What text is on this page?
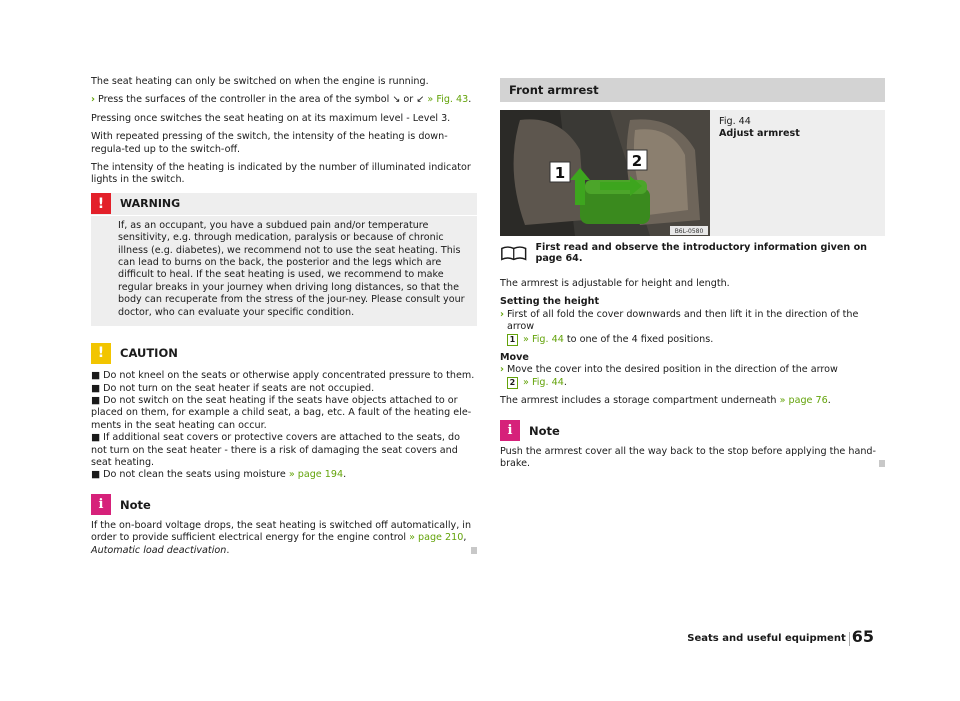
The seat heating can only be switched on when the engine is running.

› Press the surfaces of the controller in the area of the symbol ↘ or ↙ » Fig. 43.

Pressing once switches the seat heating on at its maximum level - Level 3.

With repeated pressing of the switch, the intensity of the heating is down-regula-ted up to the switch-off.

The intensity of the heating is indicated by the number of illuminated indicator lights in the switch.

!	WARNING

If, as an occupant, you have a subdued pain and/or temperature sensitivity, e.g. through medication, paralysis or because of chronic illness (e.g. diabetes), we recommend not to use the seat heating. This can lead to burns on the back, the posterior and the legs which are difficult to heal. If the seat heating is used, we recommend to make regular breaks in your journey when driving long distances, so that the body can recuperate from the stress of the jour-ney. Please consult your doctor, who can evaluate your specific condition.

!	CAUTION

■ Do not kneel on the seats or otherwise apply concentrated pressure to them.

■ Do not turn on the seat heater if seats are not occupied.

■ Do not switch on the seat heating if the seats have objects attached to or placed on them, for example a child seat, a bag, etc. A fault of the heating ele-ments in the seat heating can occur.

■ If additional seat covers or protective covers are attached to the seats, do not turn on the seat heater - there is a risk of damaging the seat covers and seat heating.

■ Do not clean the seats using moisture » page 194.

i	Note

If the on-board voltage drops, the seat heating is switched off automatically, in order to provide sufficient electrical energy for the engine control » page 210, Automatic load deactivation.

Front armrest
1
2
B6L-0580
Fig. 44
Adjust armrest
First read and observe the introductory information given on page 64.

The armrest is adjustable for height and length.

Setting the height

› First of all fold the cover downwards and then lift it in the direction of the arrow
1 » Fig. 44 to one of the 4 fixed positions.

Move

› Move the cover into the desired position in the direction of the arrow
2 » Fig. 44.

The armrest includes a storage compartment underneath » page 76.

i	Note

Push the armrest cover all the way back to the stop before applying the hand-brake.

Seats and useful equipment 65
